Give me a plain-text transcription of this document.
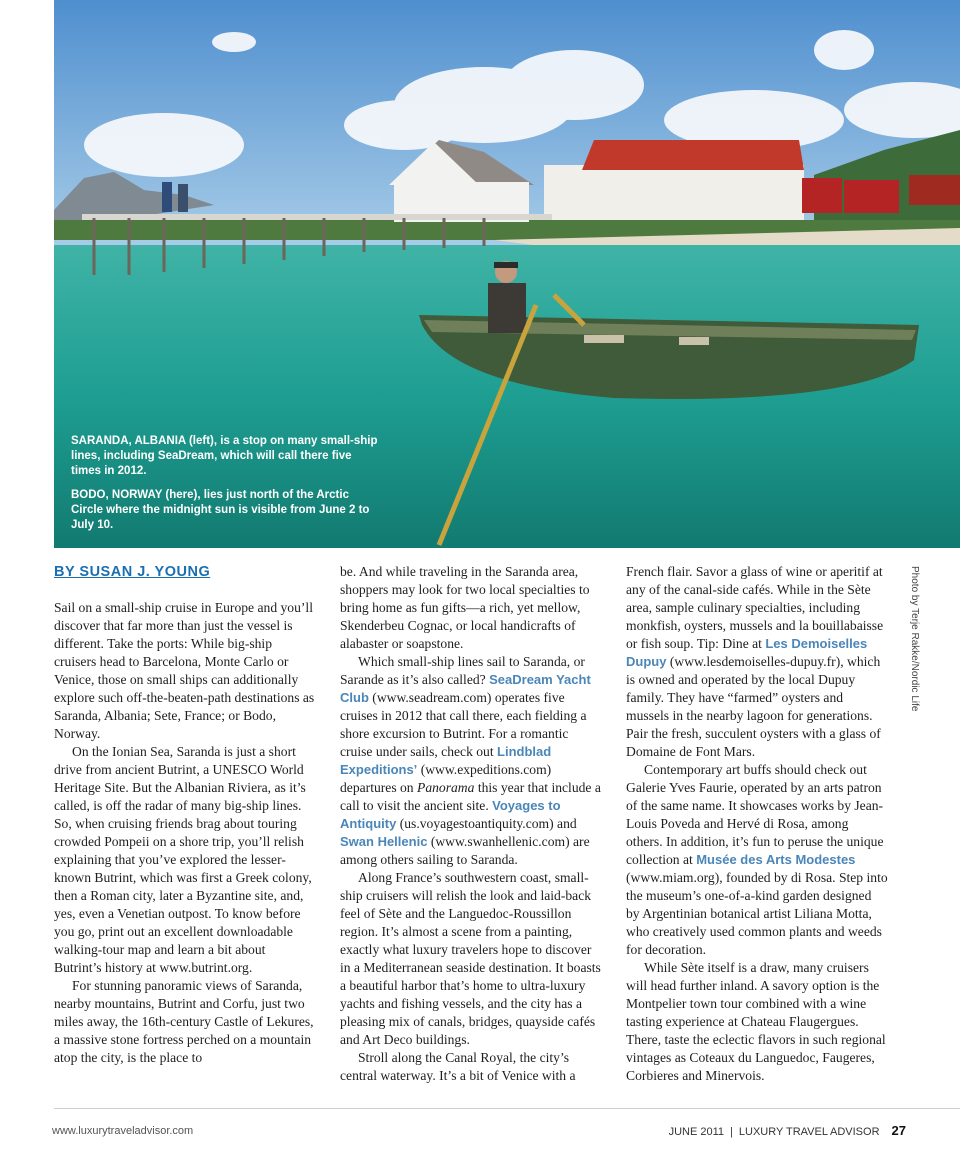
SARANDA, ALBANIA (left), is a stop on many small-ship lines, including SeaDream, which will call there five times in 2012.

BODO, NORWAY (here), lies just north of the Arctic Circle where the midnight sun is visible from June 2 to July 10.

Photo by Terje Rakke/Nordic Life
BY SUSAN J. YOUNG

Sail on a small-ship cruise in Europe and you’ll discover that far more than just the vessel is different. Take the ports: While big-ship cruisers head to Barcelona, Monte Carlo or Venice, those on small ships can additionally explore such off-the-beaten-path destinations as Saranda, Albania; Sete, France; or Bodo, Norway.

On the Ionian Sea, Saranda is just a short drive from ancient Butrint, a UNESCO World Heritage Site. But the Albanian Riviera, as it’s called, is off the radar of many big-ship lines. So, when cruising friends brag about touring crowded Pompeii on a shore trip, you’ll relish explaining that you’ve explored the lesser-known Butrint, which was first a Greek colony, then a Roman city, later a Byzantine site, and, yes, even a Venetian outpost. To know before you go, print out an excellent downloadable walking-tour map and learn a bit about Butrint’s history at www.butrint.org.

For stunning panoramic views of Saranda, nearby mountains, Butrint and Corfu, just two miles away, the 16th-century Castle of Lekures, a massive stone fortress perched on a mountain atop the city, is the place to

be. And while traveling in the Saranda area, shoppers may look for two local specialties to bring home as fun gifts—a rich, yet mellow, Skenderbeu Cognac, or local handicrafts of alabaster or soapstone.

Which small-ship lines sail to Saranda, or Sarande as it’s also called? SeaDream Yacht Club (www.seadream.com) operates five cruises in 2012 that call there, each fielding a shore excursion to Butrint. For a romantic cruise under sails, check out Lindblad Expeditions’ (www.expeditions.com) departures on Panorama this year that include a call to visit the ancient site. Voyages to Antiquity (us.voyagestoantiquity.com) and Swan Hellenic (www.swanhellenic.com) are among others sailing to Saranda.

Along France’s southwestern coast, small-ship cruisers will relish the look and laid-back feel of Sète and the Languedoc-Roussillon region. It’s almost a scene from a painting, exactly what luxury travelers hope to discover in a Mediterranean seaside destination. It boasts a beautiful harbor that’s home to ultra-luxury yachts and fishing vessels, and the city has a pleasing mix of canals, bridges, quayside cafés and Art Deco buildings.

Stroll along the Canal Royal, the city’s central waterway. It’s a bit of Venice with a

French flair. Savor a glass of wine or aperitif at any of the canal-side cafés. While in the Sète area, sample culinary specialties, including monkfish, oysters, mussels and la bouillabaisse or fish soup. Tip: Dine at Les Demoiselles Dupuy (www.lesdemoiselles-dupuy.fr), which is owned and operated by the local Dupuy family. They have “farmed” oysters and mussels in the nearby lagoon for generations. Pair the fresh, succulent oysters with a glass of Domaine de Font Mars.

Contemporary art buffs should check out Galerie Yves Faurie, operated by an arts patron of the same name. It showcases works by Jean-Louis Poveda and Hervé di Rosa, among others. In addition, it’s fun to peruse the unique collection at Musée des Arts Modestes (www.miam.org), founded by di Rosa. Step into the museum’s one-of-a-kind garden designed by Argentinian botanical artist Liliana Motta, who creatively used common plants and weeds for decoration.

While Sète itself is a draw, many cruisers will head further inland. A savory option is the Montpelier town tour combined with a wine tasting experience at Chateau Flaugergues. There, taste the eclectic flavors in such regional vintages as Coteaux du Languedoc, Faugeres, Corbieres and Minervois.

www.luxurytraveladvisor.com	JUNE 2011 | LUXURY TRAVEL ADVISOR 27
